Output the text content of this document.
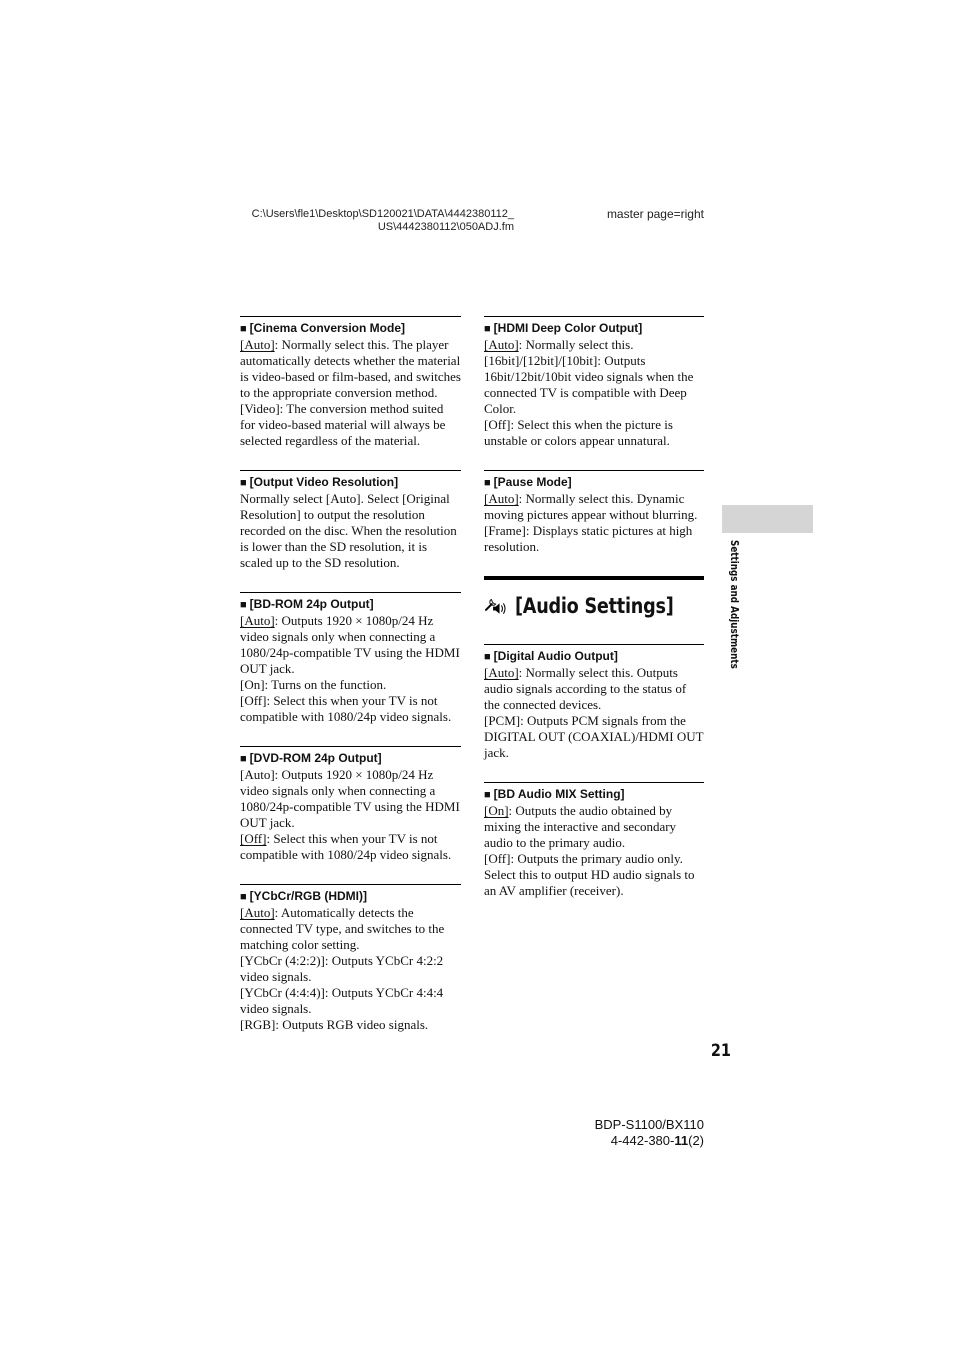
C:\Users\fle1\Desktop\SD120021\DATA\4442380112_
US\4442380112\050ADJ.fm
master page=right
■ [Cinema Conversion Mode]
[Auto]: Normally select this. The player automatically detects whether the material is video-based or film-based, and switches to the appropriate conversion method.
[Video]: The conversion method suited for video-based material will always be selected regardless of the material.
■ [Output Video Resolution]
Normally select [Auto]. Select [Original Resolution] to output the resolution recorded on the disc. When the resolution is lower than the SD resolution, it is scaled up to the SD resolution.
■ [BD-ROM 24p Output]
[Auto]: Outputs 1920 × 1080p/24 Hz video signals only when connecting a 1080/24p-compatible TV using the HDMI OUT jack.
[On]: Turns on the function.
[Off]: Select this when your TV is not compatible with 1080/24p video signals.
■ [DVD-ROM 24p Output]
[Auto]: Outputs 1920 × 1080p/24 Hz video signals only when connecting a 1080/24p-compatible TV using the HDMI OUT jack.
[Off]: Select this when your TV is not compatible with 1080/24p video signals.
■ [YCbCr/RGB (HDMI)]
[Auto]: Automatically detects the connected TV type, and switches to the matching color setting.
[YCbCr (4:2:2)]: Outputs YCbCr 4:2:2 video signals.
[YCbCr (4:4:4)]: Outputs YCbCr 4:4:4 video signals.
[RGB]: Outputs RGB video signals.
■ [HDMI Deep Color Output]
[Auto]: Normally select this.
[16bit]/[12bit]/[10bit]: Outputs 16bit/12bit/10bit video signals when the connected TV is compatible with Deep Color.
[Off]: Select this when the picture is unstable or colors appear unnatural.
■ [Pause Mode]
[Auto]: Normally select this. Dynamic moving pictures appear without blurring.
[Frame]: Displays static pictures at high resolution.
[Audio Settings]
■ [Digital Audio Output]
[Auto]: Normally select this. Outputs audio signals according to the status of the connected devices.
[PCM]: Outputs PCM signals from the DIGITAL OUT (COAXIAL)/HDMI OUT jack.
■ [BD Audio MIX Setting]
[On]: Outputs the audio obtained by mixing the interactive and secondary audio to the primary audio.
[Off]: Outputs the primary audio only. Select this to output HD audio signals to an AV amplifier (receiver).
Settings and Adjustments
21
BDP-S1100/BX110
4-442-380-11(2)
